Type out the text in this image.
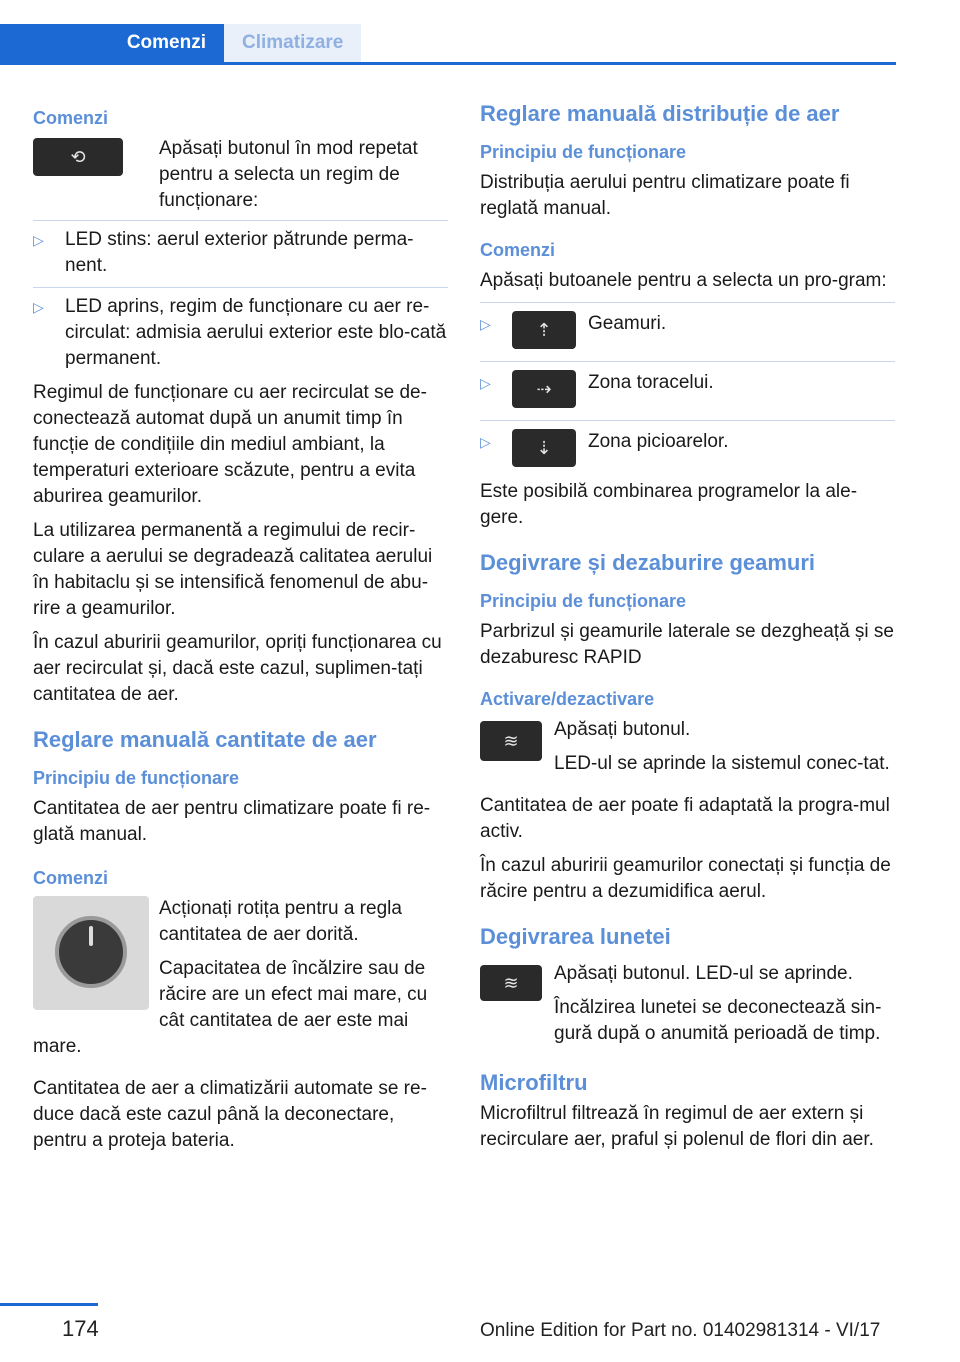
Comenzi	Climatizare
Comenzi
⟲	Apăsați butonul în mod repetat pentru a selecta un regim de funcționare:
▷ LED stins: aerul exterior pătrunde perma-nent.
▷ LED aprins, regim de funcționare cu aer re-circulat: admisia aerului exterior este blo-cată permanent.

Regimul de funcționare cu aer recirculat se de-conectează automat după un anumit timp în funcție de condițiile din mediul ambiant, la temperaturi exterioare scăzute, pentru a evita aburirea geamurilor.

La utilizarea permanentă a regimului de recir-culare a aerului se degradează calitatea aerului în habitaclu și se intensifică fenomenul de abu-rire a geamurilor.

În cazul aburirii geamurilor, opriți funcționarea cu aer recirculat și, dacă este cazul, suplimen-tați cantitatea de aer.

Reglare manuală cantitate de aer
Principiu de funcționare

Cantitatea de aer pentru climatizare poate fi re-glată manual.

Comenzi

Acționați rotița pentru a regla cantitatea de aer dorită.

Capacitatea de încălzire sau de răcire are un efect mai mare, cu cât cantitatea de aer este mai mare.

Cantitatea de aer a climatizării automate se re-duce dacă este cazul până la deconectare, pentru a proteja bateria.

Reglare manuală distribuție de aer
Principiu de funcționare

Distribuția aerului pentru climatizare poate fi reglată manual.

Comenzi

Apăsați butoanele pentru a selecta un pro-gram:

▷	⇡ Geamuri.
▷	⇢ Zona toracelui.
▷	⇣ Zona picioarelor.

Este posibilă combinarea programelor la ale-gere.

Degivrare și dezaburire geamuri
Principiu de funcționare

Parbrizul și geamurile laterale se dezgheață și se dezaburesc RAPID

Activare/dezactivare
≋

Apăsați butonul.

LED-ul se aprinde la sistemul conec-tat.

Cantitatea de aer poate fi adaptată la progra-mul activ.

În cazul aburirii geamurilor conectați și funcția de răcire pentru a dezumidifica aerul.

Degivrarea lunetei
≋ Apăsați butonul. LED-ul se aprinde.

Încălzirea lunetei se deconectează sin-gură după o anumită perioadă de timp.

Microfiltru

Microfiltrul filtrează în regimul de aer extern și recirculare aer, praful și polenul de flori din aer.

174	Online Edition for Part no. 01402981314 - VI/17
